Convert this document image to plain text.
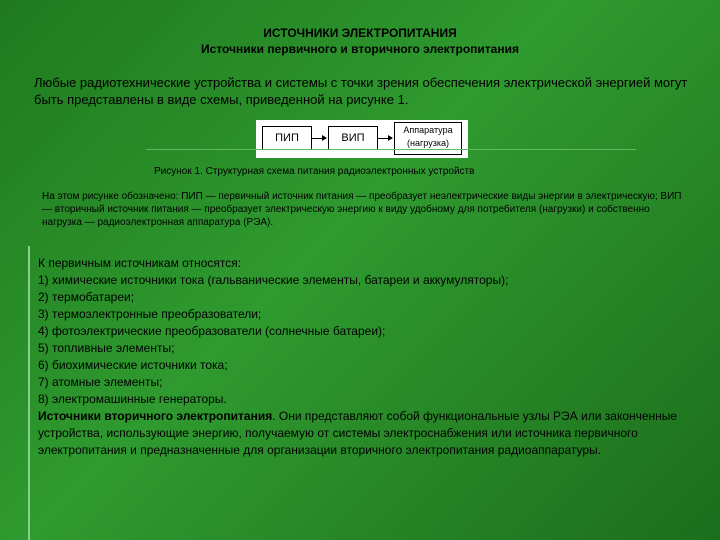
ИСТОЧНИКИ ЭЛЕКТРОПИТАНИЯ
Источники первичного и вторичного электропитания
Любые радиотехнические устройства и системы с точки зрения обеспечения электрической энергией могут быть представлены в виде схемы, приведенной на рисунке 1.
ПИП	ВИП
Аппаратура
(нагрузка)
Рисунок 1. Структурная схема питания радиоэлектронных устройств
На этом рисунке обозначено: ПИП — первичный источник питания — преобразует неэлектрические виды энергии в электрическую; ВИП — вторичный источник питания — преобразует электрическую энергию к виду удобному для потребителя (нагрузки) и собственно нагрузка — радиоэлектронная аппаратура (РЭА).
К первичным источникам относятся:
1) химические источники тока (гальванические элементы, батареи и аккумуляторы);
2) термобатареи;
3) термоэлектронные преобразователи;
4) фотоэлектрические преобразователи (солнечные батареи);
5) топливные элементы;
6) биохимические источники тока;
7) атомные элементы;
8) электромашинные генераторы.
Источники вторичного электропитания. Они представляют собой функциональные узлы РЭА или законченные устройства, использующие энергию, получаемую от системы электроснабжения или источника первичного электропитания и предназначенные для организации вторичного электропитания радиоаппаратуры.
